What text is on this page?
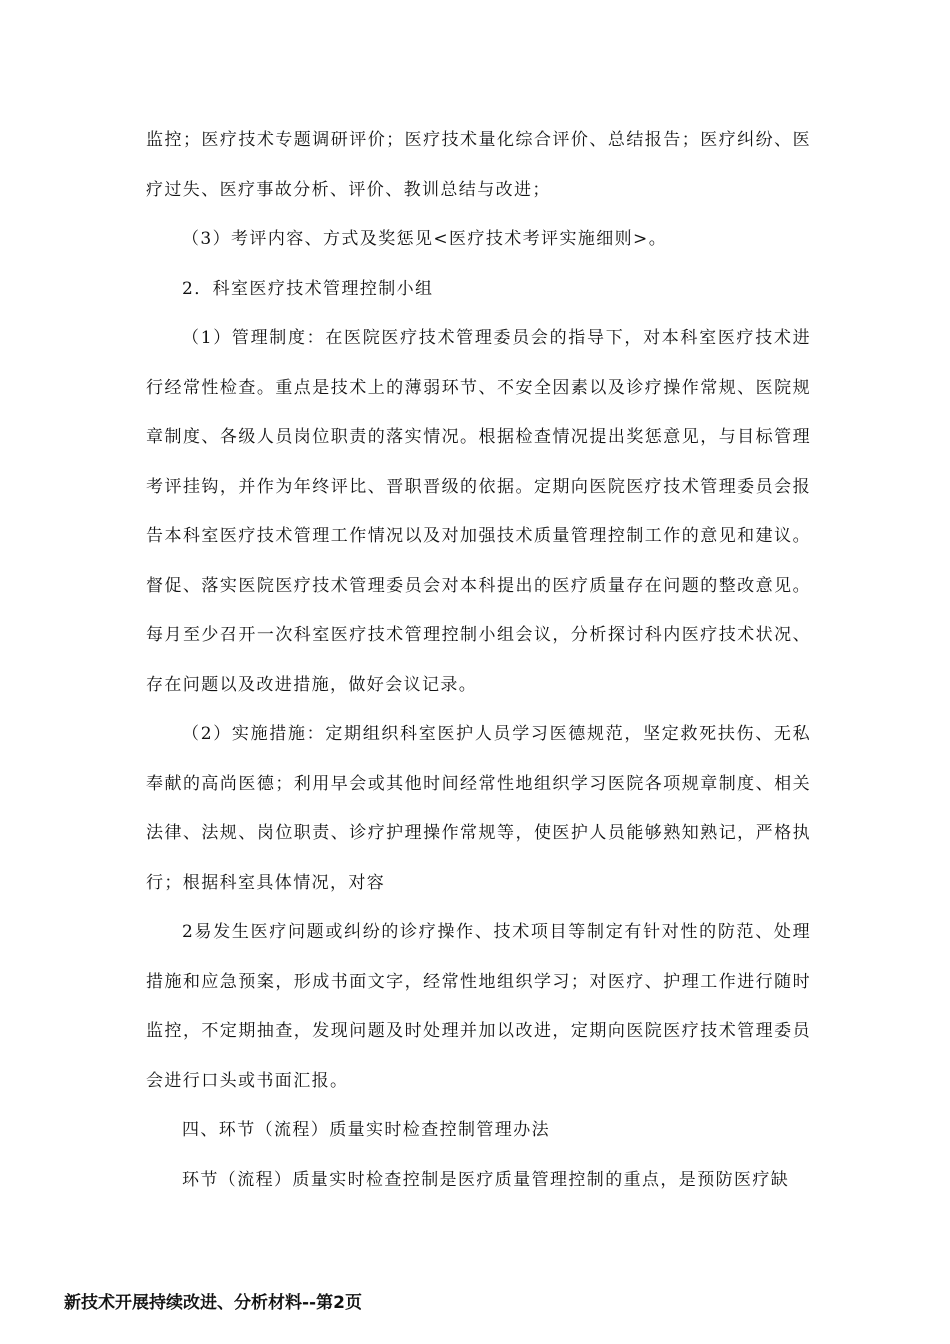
监控；医疗技术专题调研评价；医疗技术量化综合评价、总结报告；医疗纠纷、医疗过失、医疗事故分析、评价、教训总结与改进；

（3）考评内容、方式及奖惩见<医疗技术考评实施细则>。

2．科室医疗技术管理控制小组

（1）管理制度：在医院医疗技术管理委员会的指导下，对本科室医疗技术进行经常性检查。重点是技术上的薄弱环节、不安全因素以及诊疗操作常规、医院规章制度、各级人员岗位职责的落实情况。根据检查情况提出奖惩意见，与目标管理考评挂钩，并作为年终评比、晋职晋级的依据。定期向医院医疗技术管理委员会报告本科室医疗技术管理工作情况以及对加强技术质量管理控制工作的意见和建议。督促、落实医院医疗技术管理委员会对本科提出的医疗质量存在问题的整改意见。每月至少召开一次科室医疗技术管理控制小组会议，分析探讨科内医疗技术状况、存在问题以及改进措施，做好会议记录。

（2）实施措施：定期组织科室医护人员学习医德规范，坚定救死扶伤、无私奉献的高尚医德；利用早会或其他时间经常性地组织学习医院各项规章制度、相关法律、法规、岗位职责、诊疗护理操作常规等，使医护人员能够熟知熟记，严格执行；根据科室具体情况，对容

2易发生医疗问题或纠纷的诊疗操作、技术项目等制定有针对性的防范、处理措施和应急预案，形成书面文字，经常性地组织学习；对医疗、护理工作进行随时监控，不定期抽查，发现问题及时处理并加以改进，定期向医院医疗技术管理委员会进行口头或书面汇报。

四、环节（流程）质量实时检查控制管理办法

环节（流程）质量实时检查控制是医疗质量管理控制的重点，是预防医疗缺

新技术开展持续改进、分析材料--第2页
